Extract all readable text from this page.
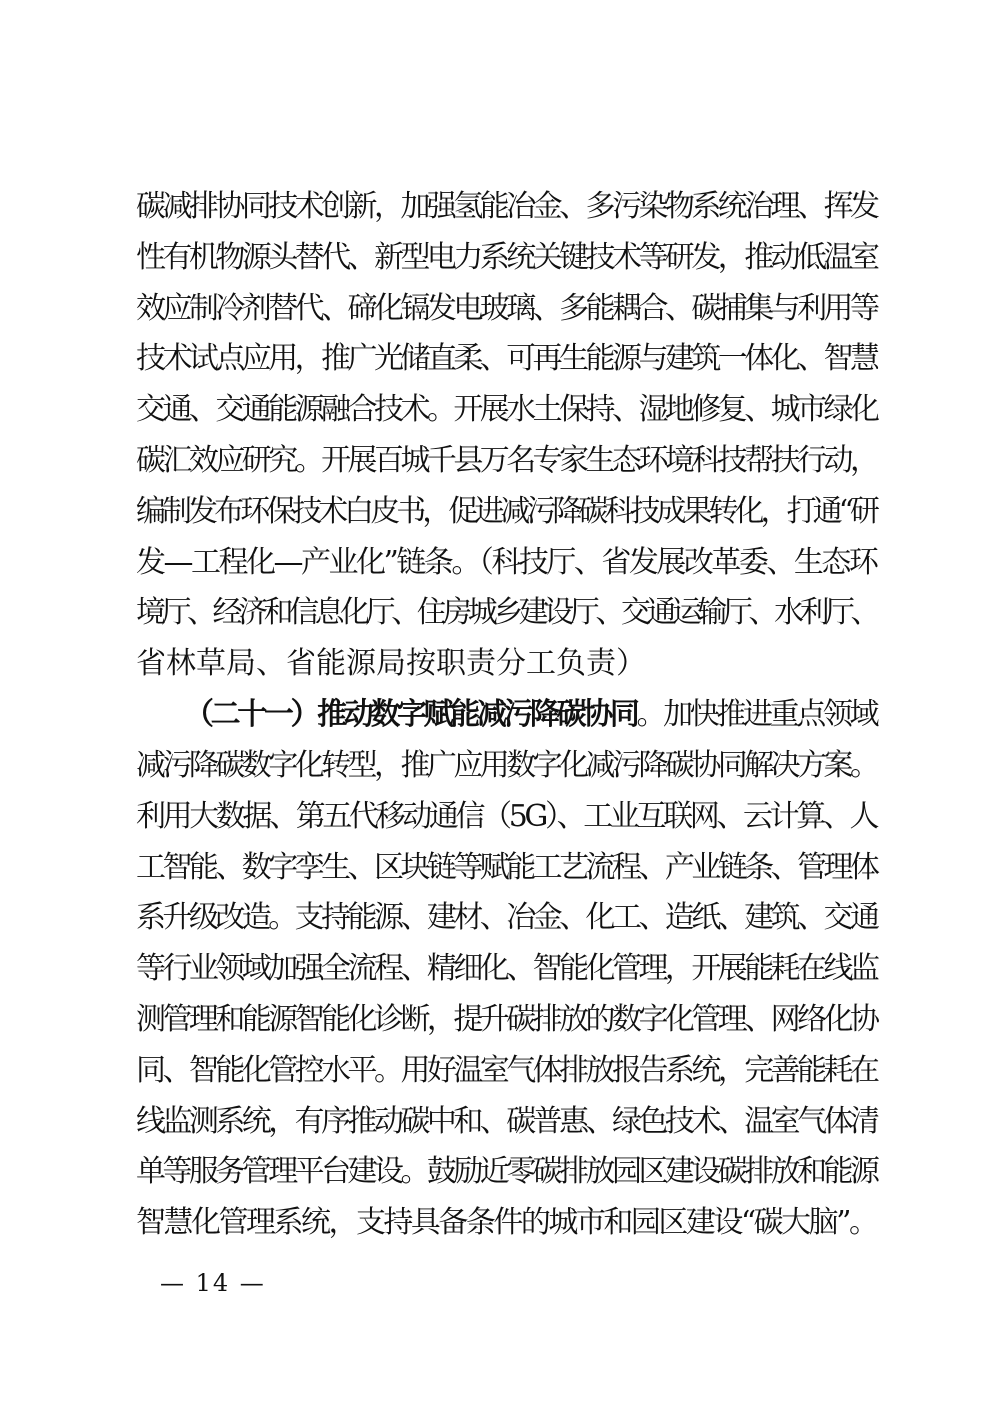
碳减排协同技术创新，加强氢能冶金、多污染物系统治理、挥发
性有机物源头替代、新型电力系统关键技术等研发，推动低温室
效应制冷剂替代、碲化镉发电玻璃、多能耦合、碳捕集与利用等
技术试点应用，推广光储直柔、可再生能源与建筑一体化、智慧
交通、交通能源融合技术。开展水土保持、湿地修复、城市绿化
碳汇效应研究。开展百城千县万名专家生态环境科技帮扶行动，
编制发布环保技术白皮书，促进减污降碳科技成果转化，打通“研
发—工程化—产业化”链条。（科技厅、省发展改革委、生态环
境厅、经济和信息化厅、住房城乡建设厅、交通运输厅、水利厅、
省林草局、省能源局按职责分工负责）
（二十一）推动数字赋能减污降碳协同。加快推进重点领域
减污降碳数字化转型，推广应用数字化减污降碳协同解决方案。
利用大数据、第五代移动通信（5G）、工业互联网、云计算、人
工智能、数字孪生、区块链等赋能工艺流程、产业链条、管理体
系升级改造。支持能源、建材、冶金、化工、造纸、建筑、交通
等行业领域加强全流程、精细化、智能化管理，开展能耗在线监
测管理和能源智能化诊断，提升碳排放的数字化管理、网络化协
同、智能化管控水平。用好温室气体排放报告系统，完善能耗在
线监测系统，有序推动碳中和、碳普惠、绿色技术、温室气体清
单等服务管理平台建设。鼓励近零碳排放园区建设碳排放和能源
智慧化管理系统，支持具备条件的城市和园区建设“碳大脑”。
— 14 —
